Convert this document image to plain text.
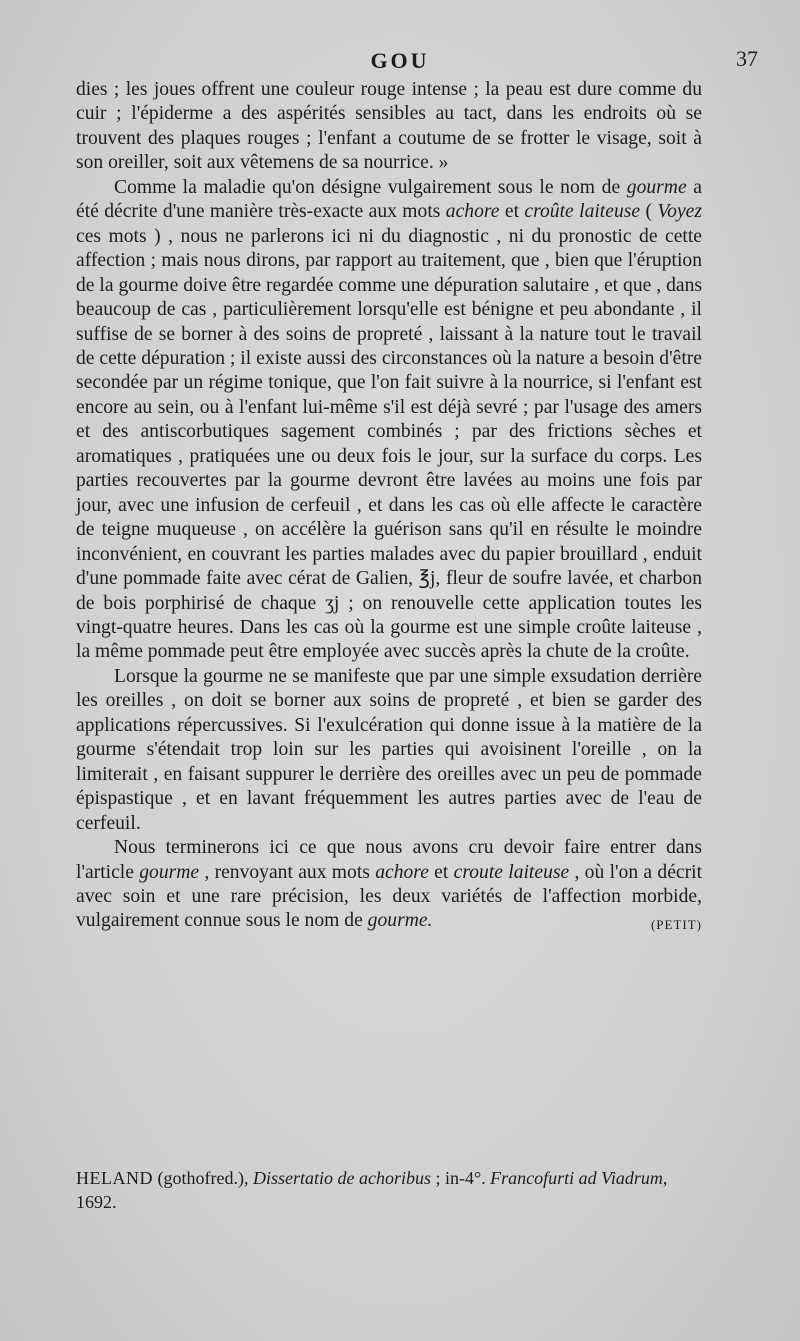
GOU	37

dies ; les joues offrent une couleur rouge intense ; la peau est dure comme du cuir ; l'épiderme a des aspérités sensibles au tact, dans les endroits où se trouvent des plaques rouges ; l'enfant a coutume de se frotter le visage, soit à son oreiller, soit aux vêtemens de sa nourrice. »

Comme la maladie qu'on désigne vulgairement sous le nom de gourme a été décrite d'une manière très-exacte aux mots achore et croûte laiteuse ( Voyez ces mots ) , nous ne parlerons ici ni du diagnostic , ni du pronostic de cette affection ; mais nous dirons, par rapport au traitement, que , bien que l'éruption de la gourme doive être regardée comme une dépuration salutaire , et que , dans beaucoup de cas , particulièrement lorsqu'elle est bénigne et peu abondante , il suffise de se borner à des soins de propreté , laissant à la nature tout le travail de cette dépuration ; il existe aussi des circonstances où la nature a besoin d'être secondée par un régime tonique, que l'on fait suivre à la nourrice, si l'enfant est encore au sein, ou à l'enfant lui-même s'il est déjà sevré ; par l'usage des amers et des antiscorbutiques sagement combinés ; par des frictions sèches et aromatiques , pratiquées une ou deux fois le jour, sur la surface du corps. Les parties recouvertes par la gourme devront être lavées au moins une fois par jour, avec une infusion de cerfeuil , et dans les cas où elle affecte le caractère de teigne muqueuse , on accélère la guérison sans qu'il en résulte le moindre inconvénient, en couvrant les parties malades avec du papier brouillard , enduit d'une pommade faite avec cérat de Galien, ℥j, fleur de soufre lavée, et charbon de bois porphirisé de chaque ʒj ; on renouvelle cette application toutes les vingt-quatre heures. Dans les cas où la gourme est une simple croûte laiteuse , la même pommade peut être employée avec succès après la chute de la croûte.

Lorsque la gourme ne se manifeste que par une simple exsudation derrière les oreilles , on doit se borner aux soins de propreté , et bien se garder des applications répercussives. Si l'exulcération qui donne issue à la matière de la gourme s'étendait trop loin sur les parties qui avoisinent l'oreille , on la limiterait , en faisant suppurer le derrière des oreilles avec un peu de pommade épispastique , et en lavant fréquemment les autres parties avec de l'eau de cerfeuil.

Nous terminerons ici ce que nous avons cru devoir faire entrer dans l'article gourme , renvoyant aux mots achore et croute laiteuse , où l'on a décrit avec soin et une rare précision, les deux variétés de l'affection morbide, vulgairement connue sous le nom de gourme.	(PETIT)

HELAND (gothofred.), Dissertatio de achoribus ; in-4°. Francofurti ad Viadrum, 1692.
